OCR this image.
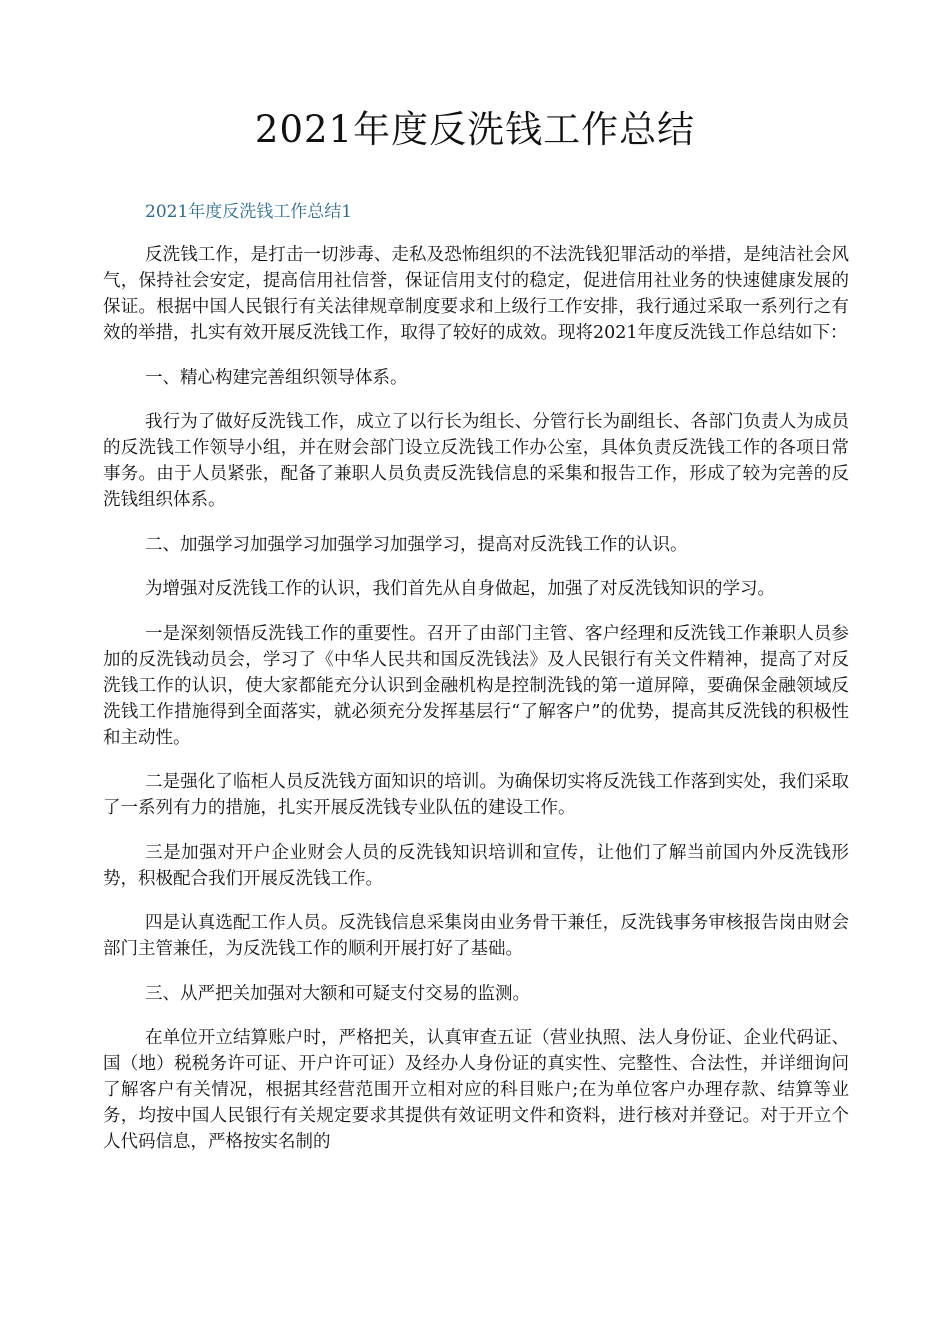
2021年度反洗钱工作总结
2021年度反洗钱工作总结1

反洗钱工作，是打击一切涉毒、走私及恐怖组织的不法洗钱犯罪活动的举措，是纯洁社会风气，保持社会安定，提高信用社信誉，保证信用支付的稳定，促进信用社业务的快速健康发展的保证。根据中国人民银行有关法律规章制度要求和上级行工作安排，我行通过采取一系列行之有效的举措，扎实有效开展反洗钱工作，取得了较好的成效。现将2021年度反洗钱工作总结如下：

一、精心构建完善组织领导体系。

我行为了做好反洗钱工作，成立了以行长为组长、分管行长为副组长、各部门负责人为成员的反洗钱工作领导小组，并在财会部门设立反洗钱工作办公室，具体负责反洗钱工作的各项日常事务。由于人员紧张，配备了兼职人员负责反洗钱信息的采集和报告工作，形成了较为完善的反洗钱组织体系。

二、加强学习加强学习加强学习加强学习，提高对反洗钱工作的认识。

为增强对反洗钱工作的认识，我们首先从自身做起，加强了对反洗钱知识的学习。

一是深刻领悟反洗钱工作的重要性。召开了由部门主管、客户经理和反洗钱工作兼职人员参加的反洗钱动员会，学习了《中华人民共和国反洗钱法》及人民银行有关文件精神，提高了对反洗钱工作的认识，使大家都能充分认识到金融机构是控制洗钱的第一道屏障，要确保金融领域反洗钱工作措施得到全面落实，就必须充分发挥基层行“了解客户”的优势，提高其反洗钱的积极性和主动性。

二是强化了临柜人员反洗钱方面知识的培训。为确保切实将反洗钱工作落到实处，我们采取了一系列有力的措施，扎实开展反洗钱专业队伍的建设工作。

三是加强对开户企业财会人员的反洗钱知识培训和宣传，让他们了解当前国内外反洗钱形势，积极配合我们开展反洗钱工作。

四是认真选配工作人员。反洗钱信息采集岗由业务骨干兼任，反洗钱事务审核报告岗由财会部门主管兼任，为反洗钱工作的顺利开展打好了基础。

三、从严把关加强对大额和可疑支付交易的监测。

在单位开立结算账户时，严格把关，认真审查五证（营业执照、法人身份证、企业代码证、国（地）税税务许可证、开户许可证）及经办人身份证的真实性、完整性、合法性，并详细询问了解客户有关情况，根据其经营范围开立相对应的科目账户;在为单位客户办理存款、结算等业务，均按中国人民银行有关规定要求其提供有效证明文件和资料，进行核对并登记。对于开立个人代码信息，严格按实名制的
